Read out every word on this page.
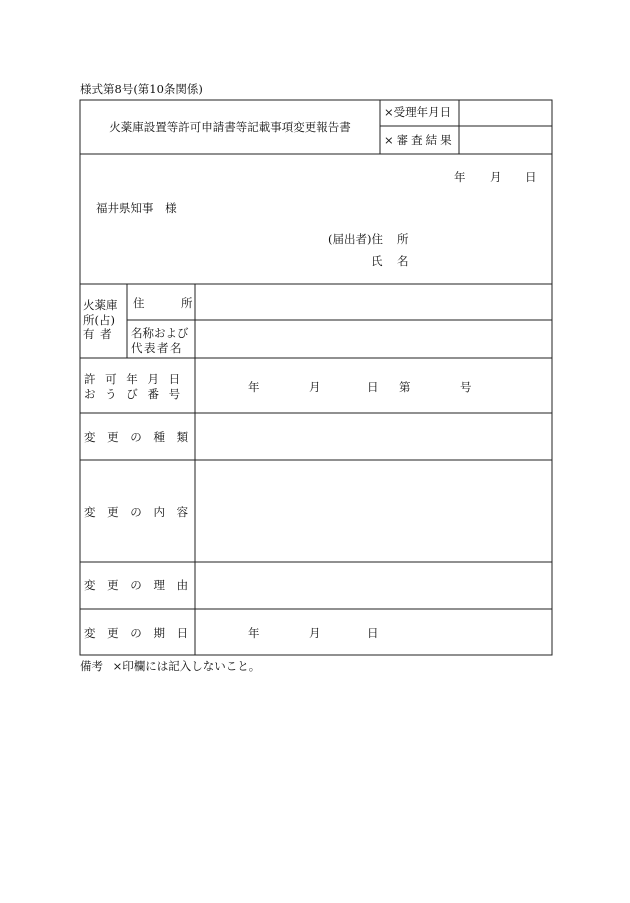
様式第8号(第10条関係)
火薬庫設置等許可申請書等記載事項変更報告書
×受理年月日
×審査結果
年 月 日
福井県知事 様
(届出者)住 所
氏 名
火薬庫
所(占)
有 者
住	所
名称および
代表者名
許 可 年 月 日
お う び 番 号	年	月	日 第	号
変 更 の 種 類
変 更 の 内 容
変 更 の 理 由
変 更 の 期 日	年	月	日
備考 ×印欄には記入しないこと。
